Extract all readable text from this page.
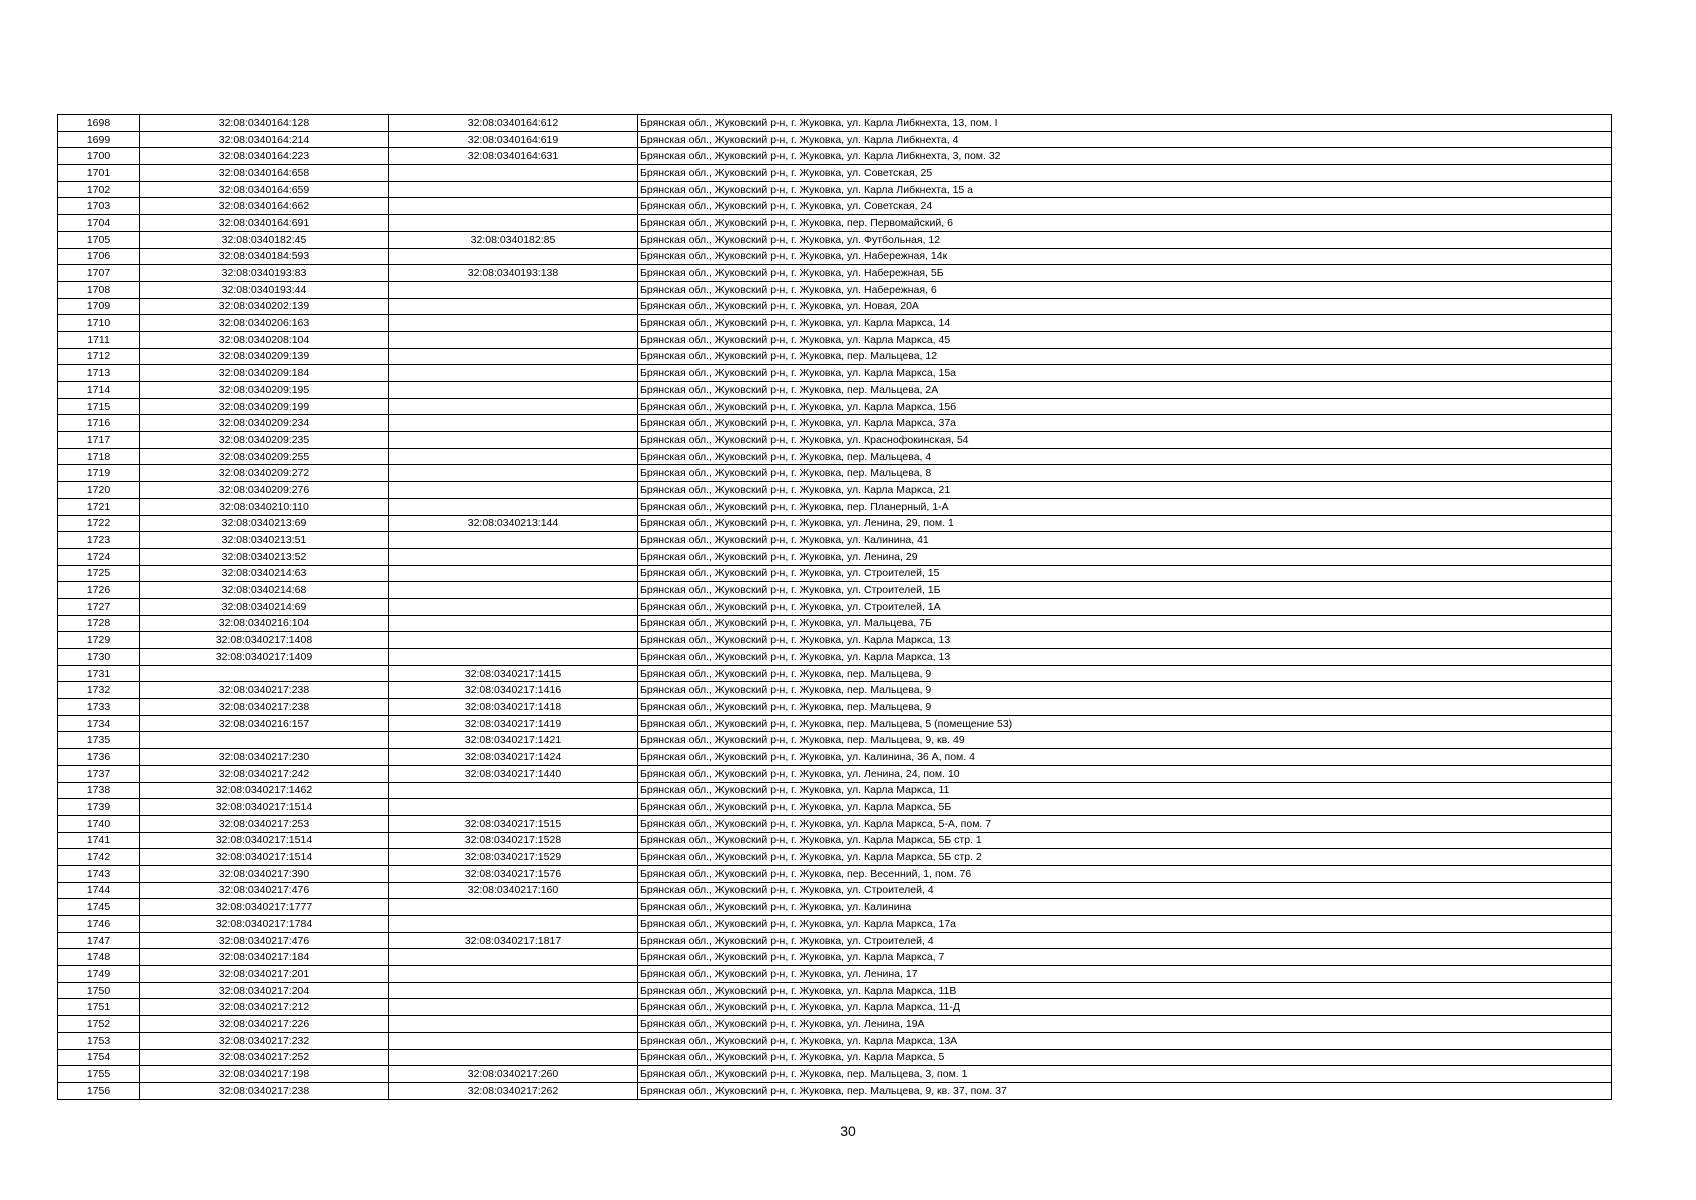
1698	32:08:0340164:128	32:08:0340164:612	Брянская обл., Жуковский р-н, г. Жуковка, ул. Карла Либкнехта, 13, пом. I
1699	32:08:0340164:214	32:08:0340164:619	Брянская обл., Жуковский р-н, г. Жуковка, ул. Карла Либкнехта, 4
1700	32:08:0340164:223	32:08:0340164:631	Брянская обл., Жуковский р-н, г. Жуковка, ул. Карла Либкнехта, 3, пом. 32
1701	32:08:0340164:658		Брянская обл., Жуковский р-н, г. Жуковка, ул. Советская, 25
1702	32:08:0340164:659		Брянская обл., Жуковский р-н, г. Жуковка, ул. Карла Либкнехта, 15 а
1703	32:08:0340164:662		Брянская обл., Жуковский р-н, г. Жуковка, ул. Советская, 24
1704	32:08:0340164:691		Брянская обл., Жуковский р-н, г. Жуковка, пер. Первомайский, 6
1705	32:08:0340182:45	32:08:0340182:85	Брянская обл., Жуковский р-н, г. Жуковка, ул. Футбольная, 12
1706	32:08:0340184:593		Брянская обл., Жуковский р-н, г. Жуковка, ул. Набережная, 14к
1707	32:08:0340193:83	32:08:0340193:138	Брянская обл., Жуковский р-н, г. Жуковка, ул. Набережная, 5Б
1708	32:08:0340193:44		Брянская обл., Жуковский р-н, г. Жуковка, ул. Набережная, 6
1709	32:08:0340202:139		Брянская обл., Жуковский р-н, г. Жуковка, ул. Новая, 20А
1710	32:08:0340206:163		Брянская обл., Жуковский р-н, г. Жуковка, ул. Карла Маркса, 14
1711	32:08:0340208:104		Брянская обл., Жуковский р-н, г. Жуковка, ул. Карла Маркса, 45
1712	32:08:0340209:139		Брянская обл., Жуковский р-н, г. Жуковка, пер. Мальцева, 12
1713	32:08:0340209:184		Брянская обл., Жуковский р-н, г. Жуковка, ул. Карла Маркса, 15а
1714	32:08:0340209:195		Брянская обл., Жуковский р-н, г. Жуковка, пер. Мальцева, 2А
1715	32:08:0340209:199		Брянская обл., Жуковский р-н, г. Жуковка, ул. Карла Маркса, 15б
1716	32:08:0340209:234		Брянская обл., Жуковский р-н, г. Жуковка, ул. Карла Маркса, 37а
1717	32:08:0340209:235		Брянская обл., Жуковский р-н, г. Жуковка, ул. Краснофокинская, 54
1718	32:08:0340209:255		Брянская обл., Жуковский р-н, г. Жуковка, пер. Мальцева, 4
1719	32:08:0340209:272		Брянская обл., Жуковский р-н, г. Жуковка, пер. Мальцева, 8
1720	32:08:0340209:276		Брянская обл., Жуковский р-н, г. Жуковка, ул. Карла Маркса, 21
1721	32:08:0340210:110		Брянская обл., Жуковский р-н, г. Жуковка, пер. Планерный, 1-А
1722	32:08:0340213:69	32:08:0340213:144	Брянская обл., Жуковский р-н, г. Жуковка, ул. Ленина, 29, пом. 1
1723	32:08:0340213:51		Брянская обл., Жуковский р-н, г. Жуковка, ул. Калинина, 41
1724	32:08:0340213:52		Брянская обл., Жуковский р-н, г. Жуковка, ул. Ленина, 29
1725	32:08:0340214:63		Брянская обл., Жуковский р-н, г. Жуковка, ул. Строителей, 15
1726	32:08:0340214:68		Брянская обл., Жуковский р-н, г. Жуковка, ул. Строителей, 1Б
1727	32:08:0340214:69		Брянская обл., Жуковский р-н, г. Жуковка, ул. Строителей, 1А
1728	32:08:0340216:104		Брянская обл., Жуковский р-н, г. Жуковка, ул. Мальцева, 7Б
1729	32:08:0340217:1408		Брянская обл., Жуковский р-н, г. Жуковка, ул. Карла Маркса, 13
1730	32:08:0340217:1409		Брянская обл., Жуковский р-н, г. Жуковка, ул. Карла Маркса, 13
1731		32:08:0340217:1415	Брянская обл., Жуковский р-н, г. Жуковка, пер. Мальцева, 9
1732	32:08:0340217:238	32:08:0340217:1416	Брянская обл., Жуковский р-н, г. Жуковка, пер. Мальцева, 9
1733	32:08:0340217:238	32:08:0340217:1418	Брянская обл., Жуковский р-н, г. Жуковка, пер. Мальцева, 9
1734	32:08:0340216:157	32:08:0340217:1419	Брянская обл., Жуковский р-н, г. Жуковка, пер. Мальцева, 5 (помещение 53)
1735		32:08:0340217:1421	Брянская обл., Жуковский р-н, г. Жуковка, пер. Мальцева, 9, кв. 49
1736	32:08:0340217:230	32:08:0340217:1424	Брянская обл., Жуковский р-н, г. Жуковка, ул. Калинина, 36 А, пом. 4
1737	32:08:0340217:242	32:08:0340217:1440	Брянская обл., Жуковский р-н, г. Жуковка, ул. Ленина, 24, пом. 10
1738	32:08:0340217:1462		Брянская обл., Жуковский р-н, г. Жуковка, ул. Карла Маркса, 11
1739	32:08:0340217:1514		Брянская обл., Жуковский р-н, г. Жуковка, ул. Карла Маркса, 5Б
1740	32:08:0340217:253	32:08:0340217:1515	Брянская обл., Жуковский р-н, г. Жуковка, ул. Карла Маркса, 5-А, пом. 7
1741	32:08:0340217:1514	32:08:0340217:1528	Брянская обл., Жуковский р-н, г. Жуковка, ул. Карла Маркса, 5Б стр. 1
1742	32:08:0340217:1514	32:08:0340217:1529	Брянская обл., Жуковский р-н, г. Жуковка, ул. Карла Маркса, 5Б стр. 2
1743	32:08:0340217:390	32:08:0340217:1576	Брянская обл., Жуковский р-н, г. Жуковка, пер. Весенний, 1, пом. 76
1744	32:08:0340217:476	32:08:0340217:160	Брянская обл., Жуковский р-н, г. Жуковка, ул. Строителей, 4
1745	32:08:0340217:1777		Брянская обл., Жуковский р-н, г. Жуковка, ул. Калинина
1746	32:08:0340217:1784		Брянская обл., Жуковский р-н, г. Жуковка, ул. Карла Маркса, 17а
1747	32:08:0340217:476	32:08:0340217:1817	Брянская обл., Жуковский р-н, г. Жуковка, ул. Строителей, 4
1748	32:08:0340217:184		Брянская обл., Жуковский р-н, г. Жуковка, ул. Карла Маркса, 7
1749	32:08:0340217:201		Брянская обл., Жуковский р-н, г. Жуковка, ул. Ленина, 17
1750	32:08:0340217:204		Брянская обл., Жуковский р-н, г. Жуковка, ул. Карла Маркса, 11В
1751	32:08:0340217:212		Брянская обл., Жуковский р-н, г. Жуковка, ул. Карла Маркса, 11-Д
1752	32:08:0340217:226		Брянская обл., Жуковский р-н, г. Жуковка, ул. Ленина, 19А
1753	32:08:0340217:232		Брянская обл., Жуковский р-н, г. Жуковка, ул. Карла Маркса, 13А
1754	32:08:0340217:252		Брянская обл., Жуковский р-н, г. Жуковка, ул. Карла Маркса, 5
1755	32:08:0340217:198	32:08:0340217:260	Брянская обл., Жуковский р-н, г. Жуковка, пер. Мальцева, 3, пом. 1
1756	32:08:0340217:238	32:08:0340217:262	Брянская обл., Жуковский р-н, г. Жуковка, пер. Мальцева, 9, кв. 37, пом. 37
30
